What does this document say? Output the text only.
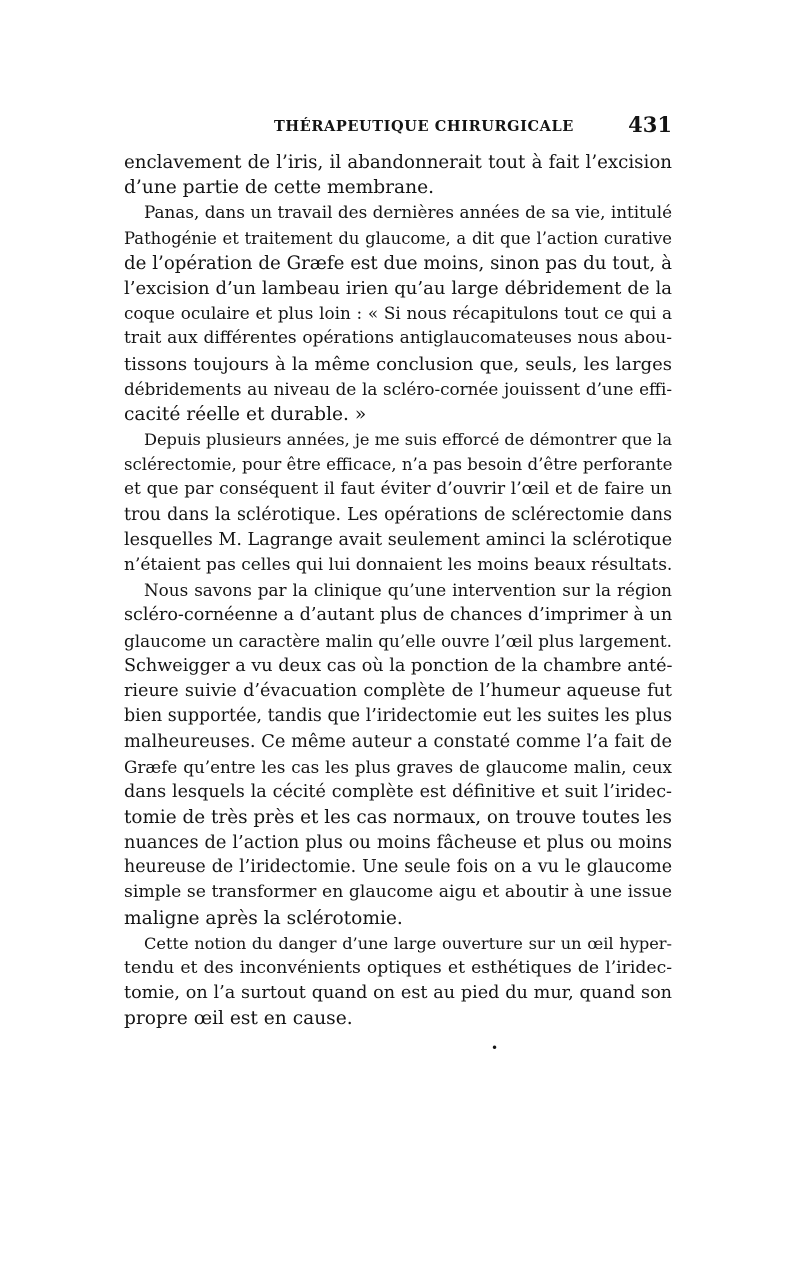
THÉRAPEUTIQUE CHIRURGICALE	431
enclavement de l’iris, il abandonnerait tout à fait l’excision
d’une partie de cette membrane.
Panas, dans un travail des dernières années de sa vie, intitulé
Pathogénie et traitement du glaucome, a dit que l’action curative
de l’opération de Græfe est due moins, sinon pas du tout, à
l’excision d’un lambeau irien qu’au large débridement de la
coque oculaire et plus loin : « Si nous récapitulons tout ce qui a
trait aux différentes opérations antiglaucomateuses nous abou-
tissons toujours à la même conclusion que, seuls, les larges
débridements au niveau de la scléro-cornée jouissent d’une effi-
cacité réelle et durable. »
Depuis plusieurs années, je me suis efforcé de démontrer que la
sclérectomie, pour être efficace, n’a pas besoin d’être perforante
et que par conséquent il faut éviter d’ouvrir l’œil et de faire un
trou dans la sclérotique. Les opérations de sclérectomie dans
lesquelles M. Lagrange avait seulement aminci la sclérotique
n’étaient pas celles qui lui donnaient les moins beaux résultats.
Nous savons par la clinique qu’une intervention sur la région
scléro-cornéenne a d’autant plus de chances d’imprimer à un
glaucome un caractère malin qu’elle ouvre l’œil plus largement.
Schweigger a vu deux cas où la ponction de la chambre anté-
rieure suivie d’évacuation complète de l’humeur aqueuse fut
bien supportée, tandis que l’iridectomie eut les suites les plus
malheureuses. Ce même auteur a constaté comme l’a fait de
Græfe qu’entre les cas les plus graves de glaucome malin, ceux
dans lesquels la cécité complète est définitive et suit l’iridec-
tomie de très près et les cas normaux, on trouve toutes les
nuances de l’action plus ou moins fâcheuse et plus ou moins
heureuse de l’iridectomie. Une seule fois on a vu le glaucome
simple se transformer en glaucome aigu et aboutir à une issue
maligne après la sclérotomie.
Cette notion du danger d’une large ouverture sur un œil hyper-
tendu et des inconvénients optiques et esthétiques de l’iridec-
tomie, on l’a surtout quand on est au pied du mur, quand son
propre œil est en cause.
•
